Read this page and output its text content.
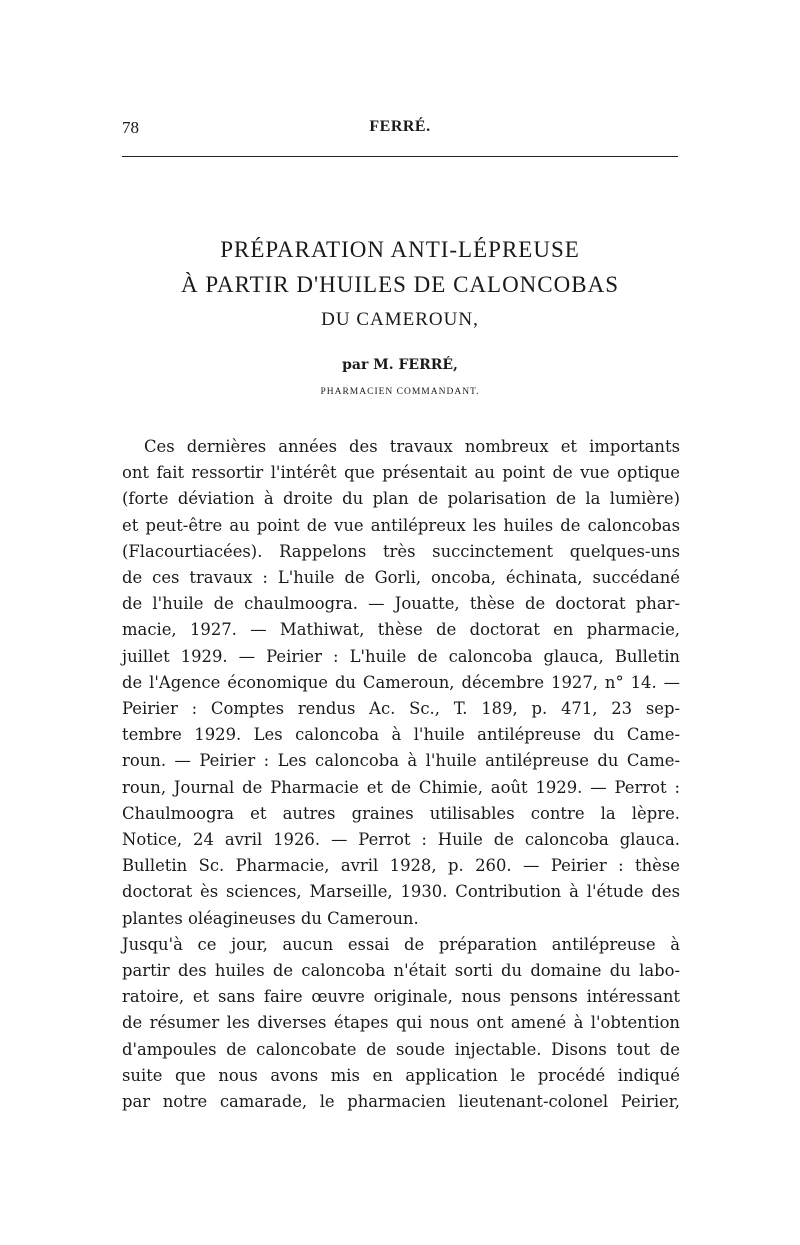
78	FERRÉ.
PRÉPARATION ANTI-LÉPREUSE
À PARTIR D'HUILES DE CALONCOBAS
DU CAMEROUN,
par M. FERRÉ,
PHARMACIEN COMMANDANT.
Ces dernières années des travaux nombreux et importants
ont fait ressortir l'intérêt que présentait au point de vue optique
(forte déviation à droite du plan de polarisation de la lumière)
et peut-être au point de vue antilépreux les huiles de caloncobas
(Flacourtiacées). Rappelons très succinctement quelques-uns
de ces travaux : L'huile de Gorli, oncoba, échinata, succédané
de l'huile de chaulmoogra. — Jouatte, thèse de doctorat phar-
macie, 1927. — Mathiwat, thèse de doctorat en pharmacie,
juillet 1929. — Peirier : L'huile de caloncoba glauca, Bulletin
de l'Agence économique du Cameroun, décembre 1927, n° 14. —
Peirier : Comptes rendus Ac. Sc., T. 189, p. 471, 23 sep-
tembre 1929. Les caloncoba à l'huile antilépreuse du Came-
roun. — Peirier : Les caloncoba à l'huile antilépreuse du Came-
roun, Journal de Pharmacie et de Chimie, août 1929. — Perrot :
Chaulmoogra et autres graines utilisables contre la lèpre.
Notice, 24 avril 1926. — Perrot : Huile de caloncoba glauca.
Bulletin Sc. Pharmacie, avril 1928, p. 260. — Peirier : thèse
doctorat ès sciences, Marseille, 1930. Contribution à l'étude des
plantes oléagineuses du Cameroun.
Jusqu'à ce jour, aucun essai de préparation antilépreuse à
partir des huiles de caloncoba n'était sorti du domaine du labo-
ratoire, et sans faire œuvre originale, nous pensons intéressant
de résumer les diverses étapes qui nous ont amené à l'obtention
d'ampoules de caloncobate de soude injectable. Disons tout de
suite que nous avons mis en application le procédé indiqué
par notre camarade, le pharmacien lieutenant-colonel Peirier,
